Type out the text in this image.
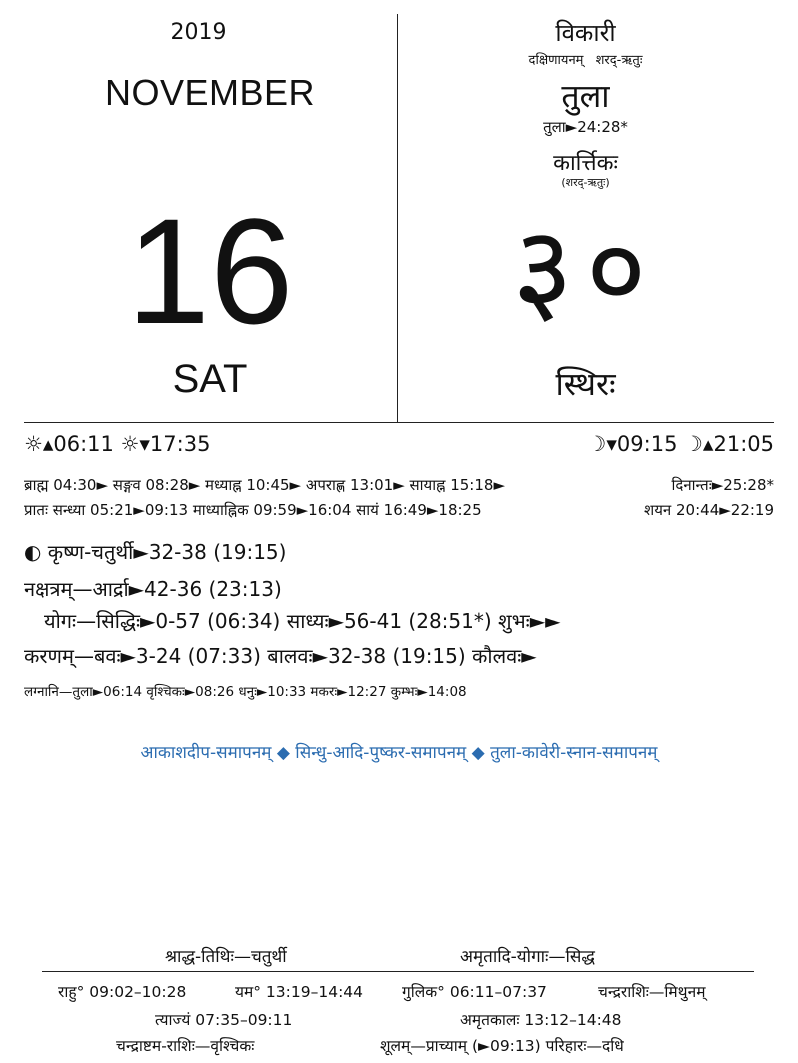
2019
NOVEMBER
16
SAT
विकारी
दक्षिणायनम् शरद्-ऋतुः
तुला
तुला►24:28*
कार्त्तिकः
(शरद्-ऋतुः)
३०
स्थिरः
☼▴06:11 ☼▾17:35	☽▾09:15 ☽▴21:05
ब्राह्म 04:30► सङ्गव 08:28► मध्याह्न 10:45► अपराह्ण 13:01► सायाह्न 15:18►	दिनान्तः►25:28*
प्रातः सन्ध्या 05:21►09:13 माध्याह्निक 09:59►16:04 सायं 16:49►18:25	शयन 20:44►22:19
◐ कृष्ण-चतुर्थी►32-38 (19:15)
नक्षत्रम्—आर्द्रा►42-36 (23:13)
योगः—सिद्धिः►0-57 (06:34) साध्यः►56-41 (28:51*) शुभः►►
करणम्—बवः►3-24 (07:33) बालवः►32-38 (19:15) कौलवः►
लग्नानि—तुला►06:14 वृश्चिकः►08:26 धनुः►10:33 मकरः►12:27 कुम्भः►14:08
आकाशदीप-समापनम् ◆ सिन्धु-आदि-पुष्कर-समापनम् ◆ तुला-कावेरी-स्नान-समापनम्
श्राद्ध-तिथिः—चतुर्थी	अमृतादि-योगाः—सिद्ध
राहु° 09:02–10:28	यम° 13:19–14:44	गुलिक° 06:11–07:37	चन्द्रराशिः—मिथुनम्
त्याज्यं 07:35–09:11	अमृतकालः 13:12–14:48
चन्द्राष्टम-राशिः—वृश्चिकः	शूलम्—प्राच्याम् (►09:13) परिहारः—दधि
